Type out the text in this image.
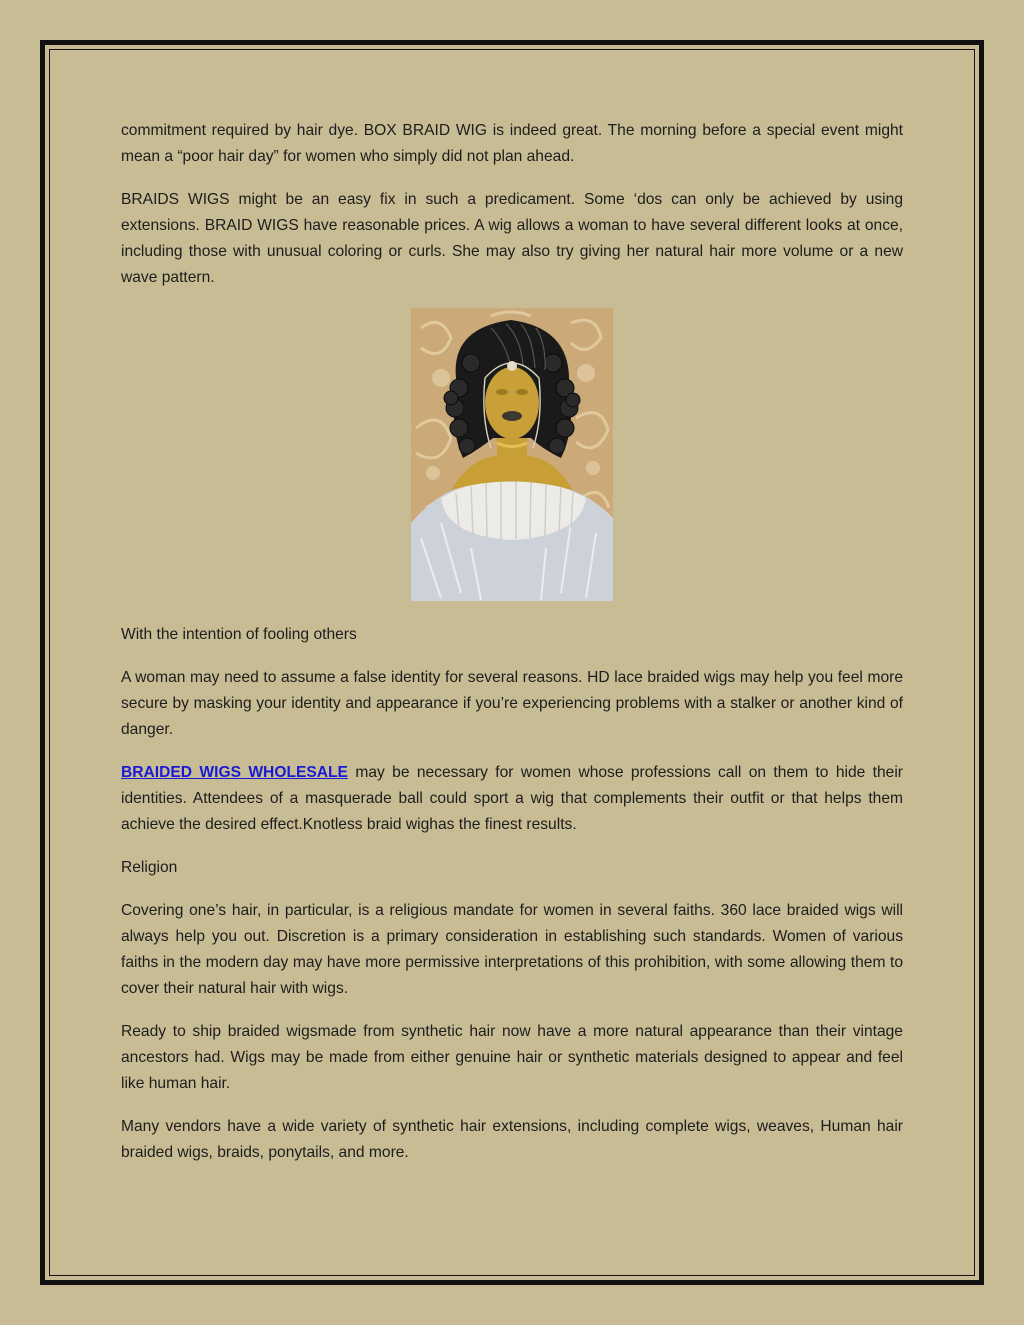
commitment required by hair dye. BOX BRAID WIG is indeed great. The morning before a special event might mean a “poor hair day” for women who simply did not plan ahead.

BRAIDS WIGS might be an easy fix in such a predicament. Some ‘dos can only be achieved by using extensions. BRAID WIGS have reasonable prices. A wig allows a woman to have several different looks at once, including those with unusual coloring or curls. She may also try giving her natural hair more volume or a new wave pattern.

With the intention of fooling others

A woman may need to assume a false identity for several reasons. HD lace braided wigs may help you feel more secure by masking your identity and appearance if you’re experiencing problems with a stalker or another kind of danger.

BRAIDED WIGS WHOLESALE may be necessary for women whose professions call on them to hide their identities. Attendees of a masquerade ball could sport a wig that complements their outfit or that helps them achieve the desired effect.Knotless braid wighas the finest results.

Religion

Covering one’s hair, in particular, is a religious mandate for women in several faiths. 360 lace braided wigs will always help you out. Discretion is a primary consideration in establishing such standards. Women of various faiths in the modern day may have more permissive interpretations of this prohibition, with some allowing them to cover their natural hair with wigs.

Ready to ship braided wigsmade from synthetic hair now have a more natural appearance than their vintage ancestors had. Wigs may be made from either genuine hair or synthetic materials designed to appear and feel like human hair.

Many vendors have a wide variety of synthetic hair extensions, including complete wigs, weaves, Human hair braided wigs, braids, ponytails, and more.
